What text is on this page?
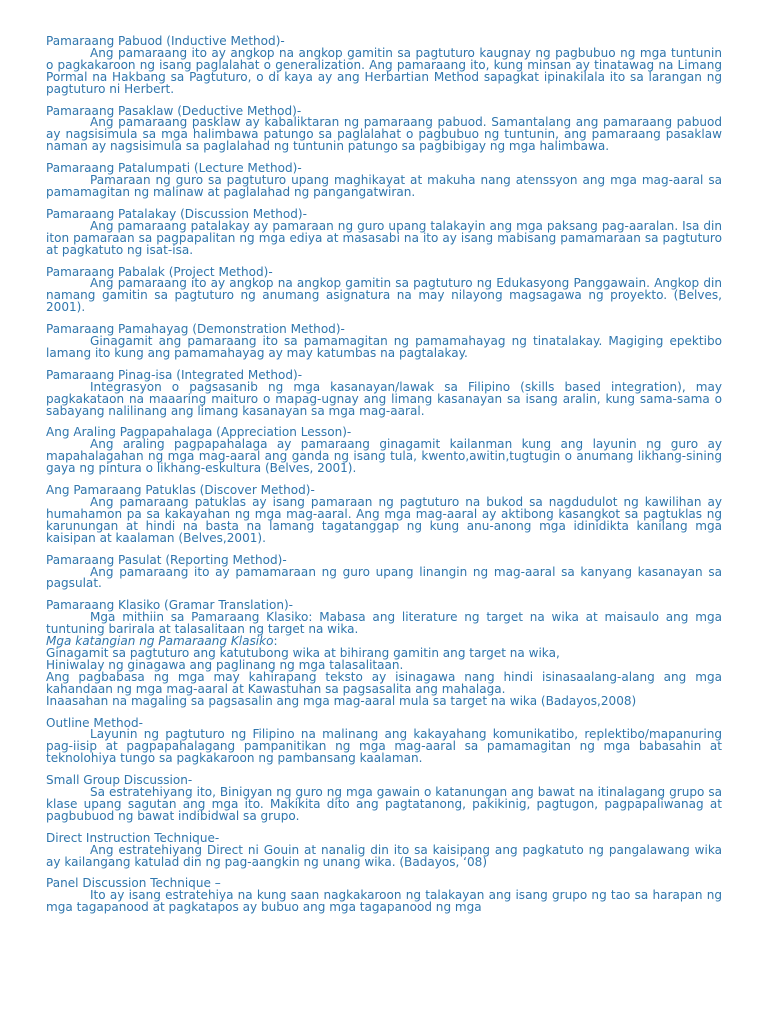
Pamaraang Pabuod (Inductive Method)-
Ang pamaraang ito ay angkop na angkop gamitin sa pagtuturo kaugnay ng pagbubuo ng mga tuntunin o pagkakaroon ng isang paglalahat o generalization. Ang pamaraang ito, kung minsan ay tinatawag na Limang Pormal na Hakbang sa Pagtuturo, o di kaya ay ang Herbartian Method sapagkat ipinakilala ito sa larangan ng pagtuturo ni Herbert.
Pamaraang Pasaklaw (Deductive Method)-
Ang pamaraang pasklaw ay kabaliktaran ng pamaraang pabuod. Samantalang ang pamaraang pabuod ay nagsisimula sa mga halimbawa patungo sa paglalahat o pagbubuo ng tuntunin, ang pamaraang pasaklaw naman ay nagsisimula sa paglalahad ng tuntunin patungo sa pagbibigay ng mga halimbawa.
Pamaraang Patalumpati (Lecture Method)-
Pamaraan ng guro sa pagtuturo upang maghikayat at makuha nang atenssyon ang mga mag-aaral sa pamamagitan ng malinaw at paglalahad ng pangangatwiran.
Pamaraang Patalakay (Discussion Method)-
Ang pamaraang patalakay ay pamaraan ng guro upang talakayin ang mga paksang pag-aaralan. Isa din iton pamaraan sa pagpapalitan ng mga ediya at masasabi na ito ay isang mabisang pamamaraan sa pagtuturo at pagkatuto ng isat-isa.
Pamaraang Pabalak (Project Method)-
Ang pamaraang ito ay angkop na angkop gamitin sa pagtuturo ng Edukasyong Panggawain. Angkop din namang gamitin sa pagtuturo ng anumang asignatura na may nilayong magsagawa ng proyekto. (Belves, 2001).
Pamaraang Pamahayag (Demonstration Method)-
Ginagamit ang pamaraang ito sa pamamagitan ng pamamahayag ng tinatalakay. Magiging epektibo lamang ito kung ang pamamahayag ay may katumbas na pagtalakay.
Pamaraang Pinag-isa (Integrated Method)-
Integrasyon o pagsasanib ng mga kasanayan/lawak sa Filipino (skills based integration), may pagkakataon na maaaring maituro o mapag-ugnay ang limang kasanayan sa isang aralin, kung sama-sama o sabayang nalilinang ang limang kasanayan sa mga mag-aaral.
Ang Araling Pagpapahalaga (Appreciation Lesson)-
Ang araling pagpapahalaga ay pamaraang ginagamit kailanman kung ang layunin ng guro ay mapahalagahan ng mga mag-aaral ang ganda ng isang tula, kwento,awitin,tugtugin o anumang likhang-sining gaya ng pintura o likhang-eskultura (Belves, 2001).
Ang Pamaraang Patuklas (Discover Method)-
Ang pamaraang patuklas ay isang pamaraan ng pagtuturo na bukod sa nagdudulot ng kawilihan ay humahamon pa sa kakayahan ng mga mag-aaral. Ang mga mag-aaral ay aktibong kasangkot sa pagtuklas ng karunungan at hindi na basta na lamang tagatanggap ng kung anu-anong mga idinidikta kanilang mga kaisipan at kaalaman (Belves,2001).
Pamaraang Pasulat (Reporting Method)-
Ang pamaraang ito ay pamamaraan ng guro upang linangin ng mag-aaral sa kanyang kasanayan sa pagsulat.
Pamaraang Klasiko (Gramar Translation)-
Mga mithiin sa Pamaraang Klasiko: Mabasa ang literature ng target na wika at maisaulo ang mga tuntuning barirala at talasalitaan ng target na wika.
Mga katangian ng Pamaraang Klasiko:
Ginagamit sa pagtuturo ang katutubong wika at bihirang gamitin ang target na wika,
Hiniwalay ng ginagawa ang paglinang ng mga talasalitaan.
Ang pagbabasa ng mga may kahirapang teksto ay isinagawa nang hindi isinasaalang-alang ang mga kahandaan ng mga mag-aaral at Kawastuhan sa pagsasalita ang mahalaga.
Inaasahan na magaling sa pagsasalin ang mga mag-aaral mula sa target na wika (Badayos,2008)
Outline Method-
Layunin ng pagtuturo ng Filipino na malinang ang kakayahang komunikatibo, replektibo/mapanuring pag-iisip at pagpapahalagang pampanitikan ng mga mag-aaral sa pamamagitan ng mga babasahin at teknolohiya tungo sa pagkakaroon ng pambansang kaalaman.
Small Group Discussion-
Sa estratehiyang ito, Binigyan ng guro ng mga gawain o katanungan ang bawat na itinalagang grupo sa klase upang sagutan ang mga ito. Makikita dito ang pagtatanong, pakikinig, pagtugon, pagpapaliwanag at pagbubuod ng bawat indibidwal sa grupo.
Direct Instruction Technique-
Ang estratehiyang Direct ni Gouin at nanalig din ito sa kaisipang ang pagkatuto ng pangalawang wika ay kailangang katulad din ng pag-aangkin ng unang wika. (Badayos, ‘08)
Panel Discussion Technique –
Ito ay isang estratehiya na kung saan nagkakaroon ng talakayan ang isang grupo ng tao sa harapan ng mga tagapanood at pagkatapos ay bubuo ang mga tagapanood ng mga
